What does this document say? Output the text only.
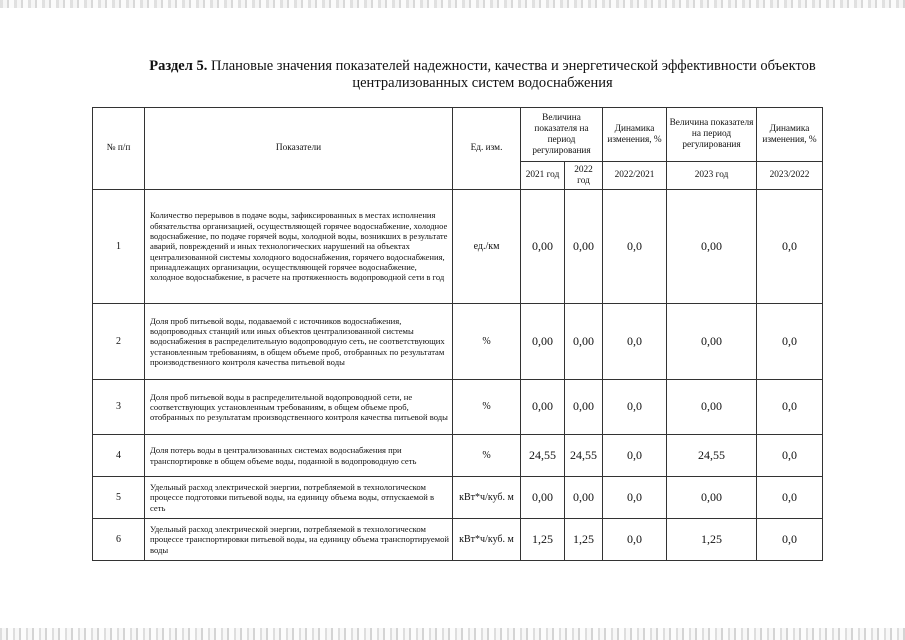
Раздел 5. Плановые значения показателей надежности, качества и энергетической эффективности объектов централизованных систем водоснабжения
№ п/п	Показатели	Ед. изм.	Величина показателя на период регулирования		Динамика изменения, %	Величина показателя на период регулирования	Динамика изменения, %
			2021 год	2022 год	2022/2021	2023 год	2023/2022
1	Количество перерывов в подаче воды, зафиксированных в местах исполнения обязательства организацией, осуществляющей горячее водоснабжение, холодное водоснабжение, по подаче горячей воды, холодной воды, возникших в результате аварий, повреждений и иных технологических нарушений на объектах централизованной системы холодного водоснабжения, горячего водоснабжения, принадлежащих организации, осуществляющей горячее водоснабжение, холодное водоснабжение, в расчете на протяженность водопроводной сети в год	ед./км	0,00	0,00	0,0	0,00	0,0
2	Доля проб питьевой воды, подаваемой с источников водоснабжения, водопроводных станций или иных объектов централизованной системы водоснабжения в распределительную водопроводную сеть, не соответствующих установленным требованиям, в общем объеме проб, отобранных по результатам производственного контроля качества питьевой воды	%	0,00	0,00	0,0	0,00	0,0
3	Доля проб питьевой воды в распределительной водопроводной сети, не соответствующих установленным требованиям, в общем объеме проб, отобранных по результатам производственного контроля качества питьевой воды	%	0,00	0,00	0,0	0,00	0,0
4	Доля потерь воды в централизованных системах водоснабжения при транспортировке в общем объеме воды, поданной в водопроводную сеть	%	24,55	24,55	0,0	24,55	0,0
5	Удельный расход электрической энергии, потребляемой в технологическом процессе подготовки питьевой воды, на единицу объема воды, отпускаемой в сеть	кВт*ч/куб. м	0,00	0,00	0,0	0,00	0,0
6	Удельный расход электрической энергии, потребляемой в технологическом процессе транспортировки питьевой воды, на единицу объема транспортируемой воды	кВт*ч/куб. м	1,25	1,25	0,0	1,25	0,0
